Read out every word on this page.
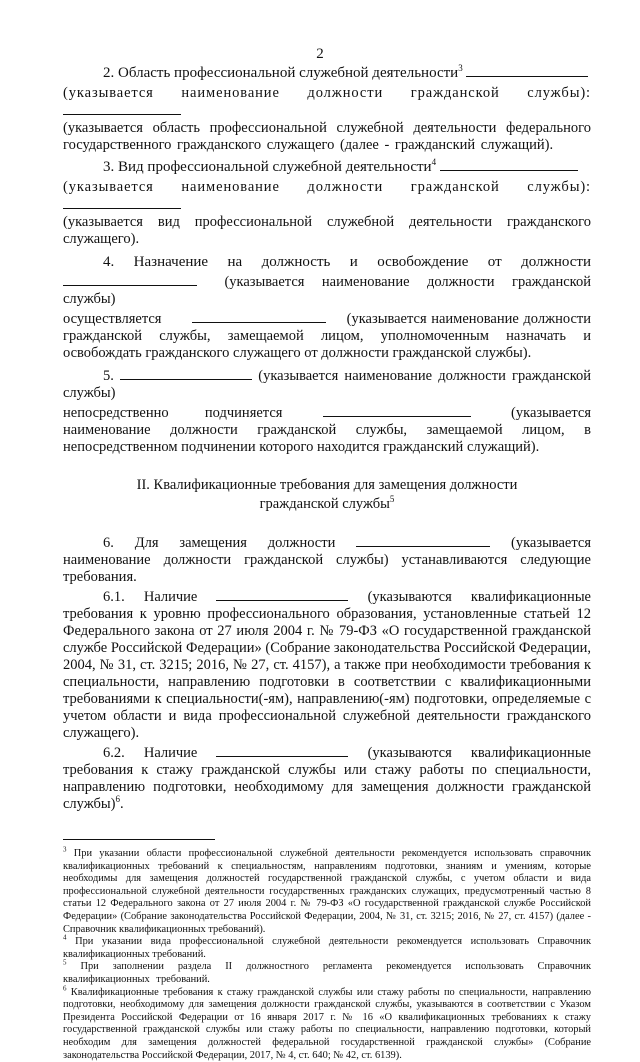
2

2. Область профессиональной служебной деятельности$^3$

(указывается наименование должности гражданской службы):

(указывается область профессиональной служебной деятельности федерального государственного гражданского служащего (далее - гражданский служащий).

3. Вид профессиональной служебной деятельности$^4$

(указывается наименование должности гражданской службы):

(указывается вид профессиональной служебной деятельности гражданского служащего).

4. Назначение на должность и освобождение от должности

(указывается наименование должности гражданской службы)

осуществляется	(указывается наименование должности гражданской службы, замещаемой лицом, уполномоченным назначать и освобождать гражданского служащего от должности гражданской службы).

5.	(указывается наименование должности гражданской службы)

непосредственно подчиняется	(указывается наименование должности гражданской службы, замещаемой лицом, в непосредственном подчинении которого находится гражданский служащий).

II. Квалификационные требования для замещения должности
гражданской службы$^5$

6. Для замещения должности	(указывается наименование должности гражданской службы) устанавливаются следующие требования.

6.1. Наличие	(указываются квалификационные требования к уровню профессионального образования, установленные статьей 12 Федерального закона от 27 июля 2004 г. № 79-ФЗ «О государственной гражданской службе Российской Федерации» (Собрание законодательства Российской Федерации, 2004, № 31, ст. 3215; 2016, № 27, ст. 4157), а также при необходимости требования к специальности, направлению подготовки в соответствии с квалификационными требованиями к специальности(-ям), направлению(-ям) подготовки, определяемые с учетом области и вида профессиональной служебной деятельности гражданского служащего).

6.2. Наличие	(указываются квалификационные требования к стажу гражданской службы или стажу работы по специальности, направлению подготовки, необходимому для замещения должности гражданской службы)$^6$.

$^3$ При указании области профессиональной служебной деятельности рекомендуется использовать справочник квалификационных требований к специальностям, направлениям подготовки, знаниям и умениям, которые необходимы для замещения должностей государственной гражданской службы, с учетом области и вида профессиональной служебной деятельности государственных гражданских служащих, предусмотренный частью 8 статьи 12 Федерального закона от 27 июля 2004 г. № 79-ФЗ «О государственной гражданской службе Российской Федерации» (Собрание законодательства Российской Федерации, 2004, № 31, ст. 3215; 2016, № 27, ст. 4157) (далее - Справочник квалификационных требований).

$^4$ При указании вида профессиональной служебной деятельности рекомендуется использовать Справочник квалификационных требований.

$^5$ При заполнении раздела II должностного регламента рекомендуется использовать Справочник квалификационных требований.

$^6$ Квалификационные требования к стажу гражданской службы или стажу работы по специальности, направлению подготовки, необходимому для замещения должности гражданской службы, указываются в соответствии с Указом Президента Российской Федерации от 16 января 2017 г. № 16 «О квалификационных требованиях к стажу государственной гражданской службы или стажу работы по специальности, направлению подготовки, который необходим для замещения должностей федеральной государственной гражданской службы» (Собрание законодательства Российской Федерации, 2017, № 4, ст. 640; № 42, ст. 6139).
